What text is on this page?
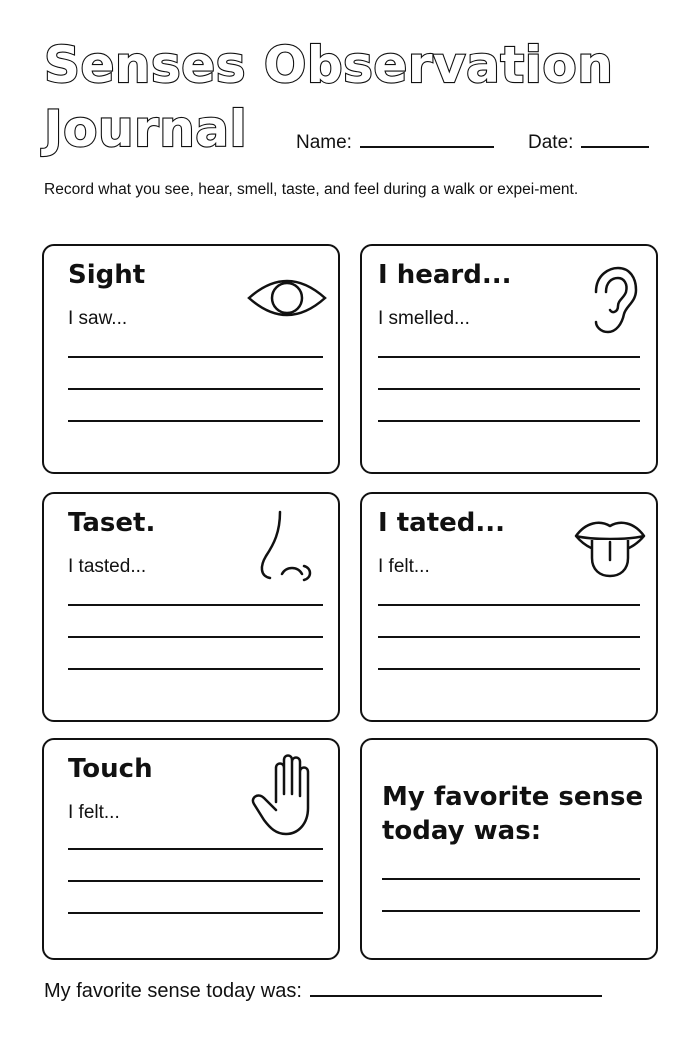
Senses Observation
Journal	Name:	Date:

Record what you see, hear, smell, taste, and feel during a walk or expei-ment.

Sight

I saw...

I heard...

I smelled...

Taset.

I tasted...

I tated...

I felt...

Touch

I felt...

My favorite sense today was:

My favorite sense today was:
